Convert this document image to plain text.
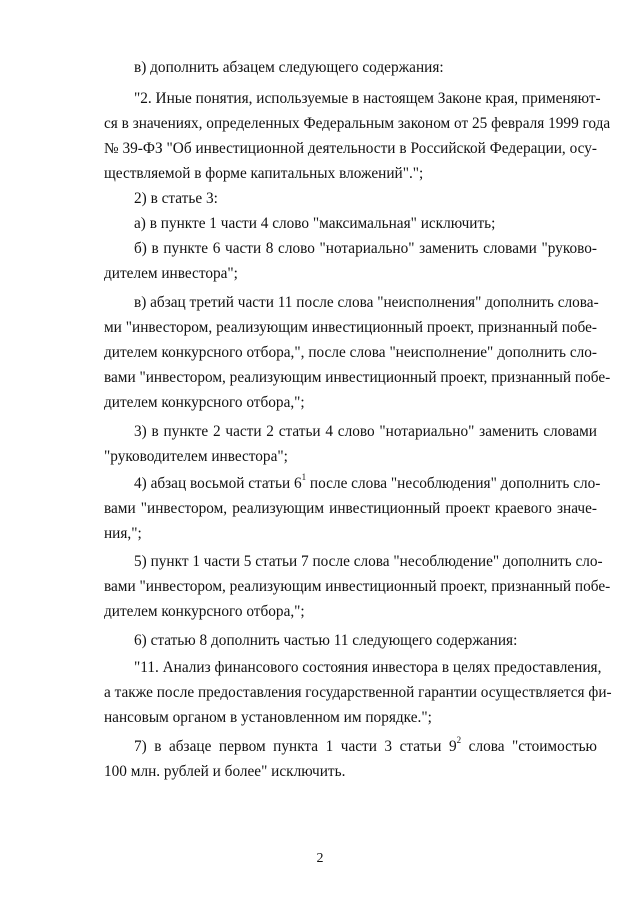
в) дополнить абзацем следующего содержания:
"2. Иные понятия, используемые в настоящем Законе края, применяют-
ся в значениях, определенных Федеральным законом от 25 февраля 1999 года
№ 39-ФЗ "Об инвестиционной деятельности в Российской Федерации, осу-
ществляемой в форме капитальных вложений".";
2) в статье 3:
а) в пункте 1 части 4 слово "максимальная" исключить;
б) в пункте 6 части 8 слово "нотариально" заменить словами "руково-
дителем инвестора";
в) абзац третий части 11 после слова "неисполнения" дополнить слова-
ми "инвестором, реализующим инвестиционный проект, признанный побе-
дителем конкурсного отбора,", после слова "неисполнение" дополнить сло-
вами "инвестором, реализующим инвестиционный проект, признанный побе-
дителем конкурсного отбора,";
3) в пункте 2 части 2 статьи 4 слово "нотариально" заменить словами
"руководителем инвестора";
4) абзац восьмой статьи $6^1$ после слова "несоблюдения" дополнить сло-
вами "инвестором, реализующим инвестиционный проект краевого значе-
ния,";
5) пункт 1 части 5 статьи 7 после слова "несоблюдение" дополнить сло-
вами "инвестором, реализующим инвестиционный проект, признанный побе-
дителем конкурсного отбора,";
6) статью 8 дополнить частью 11 следующего содержания:
"11. Анализ финансового состояния инвестора в целях предоставления,
а также после предоставления государственной гарантии осуществляется фи-
нансовым органом в установленном им порядке.";
7) в абзаце первом пункта 1 части 3 статьи $9^2$ слова "стоимостью
100 млн. рублей и более" исключить.
2
